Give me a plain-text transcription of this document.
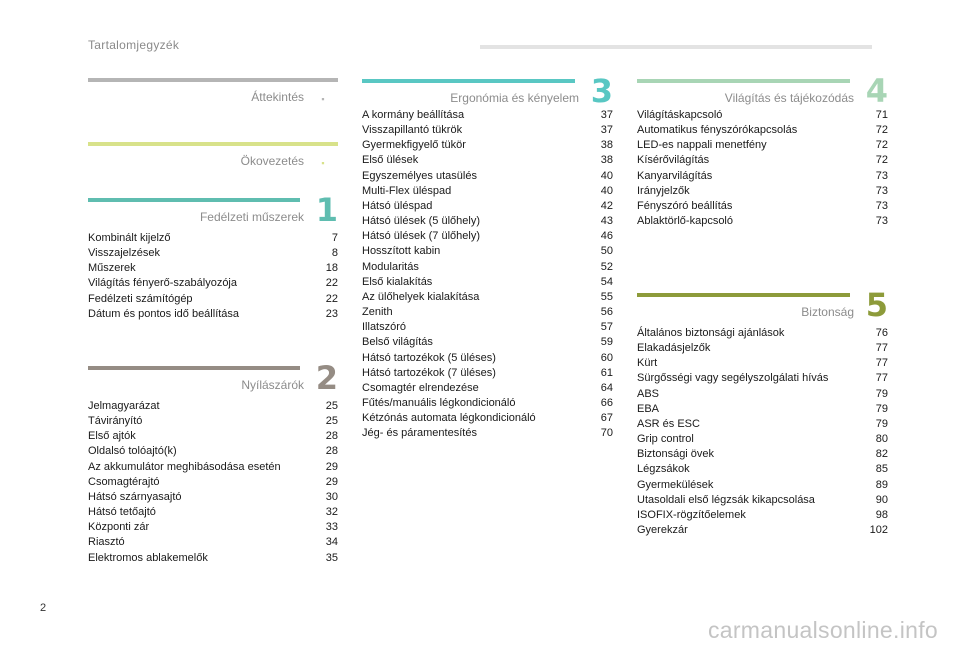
Tartalomjegyzék
Áttekintés	▪
Ökovezetés	▪
Fedélzeti műszerek 1
Kombinált kijelző	7
Visszajelzések	8
Műszerek	18
Világítás fényerő-szabályozója	22
Fedélzeti számítógép	22
Dátum és pontos idő beállítása	23
Nyílászárók 2
Jelmagyarázat	25
Távirányító	25
Első ajtók	28
Oldalsó tolóajtó(k)	28
Az akkumulátor meghibásodása esetén	29
Csomagtérajtó	29
Hátsó szárnyasajtó	30
Hátsó tetőajtó	32
Központi zár	33
Riasztó	34
Elektromos ablakemelők	35
Ergonómia és kényelem 3
A kormány beállítása	37
Visszapillantó tükrök	37
Gyermekfigyelő tükör	38
Első ülések	38
Egyszemélyes utasülés	40
Multi-Flex üléspad	40
Hátsó üléspad	42
Hátsó ülések (5 ülőhely)	43
Hátsó ülések (7 ülőhely)	46
Hosszított kabin	50
Modularitás	52
Első kialakítás	54
Az ülőhelyek kialakítása	55
Zenith	56
Illatszóró	57
Belső világítás	59
Hátsó tartozékok (5 üléses)	60
Hátsó tartozékok (7 üléses)	61
Csomagtér elrendezése	64
Fűtés/manuális légkondicionáló	66
Kétzónás automata légkondicionáló	67
Jég- és páramentesítés	70
Világítás és tájékozódás 4
Világításkapcsoló	71
Automatikus fényszórókapcsolás	72
LED-es nappali menetfény	72
Kísérővilágítás	72
Kanyarvilágítás	73
Irányjelzők	73
Fényszóró beállítás	73
Ablaktörlő-kapcsoló	73
Biztonság 5
Általános biztonsági ajánlások	76
Elakadásjelzők	77
Kürt	77
Sürgősségi vagy segélyszolgálati hívás	77
ABS	79
EBA	79
ASR és ESC	79
Grip control	80
Biztonsági övek	82
Légzsákok	85
Gyermekülések	89
Utasoldali első légzsák kikapcsolása	90
ISOFIX-rögzítőelemek	98
Gyerekzár	102
2
carmanualsonline.info
